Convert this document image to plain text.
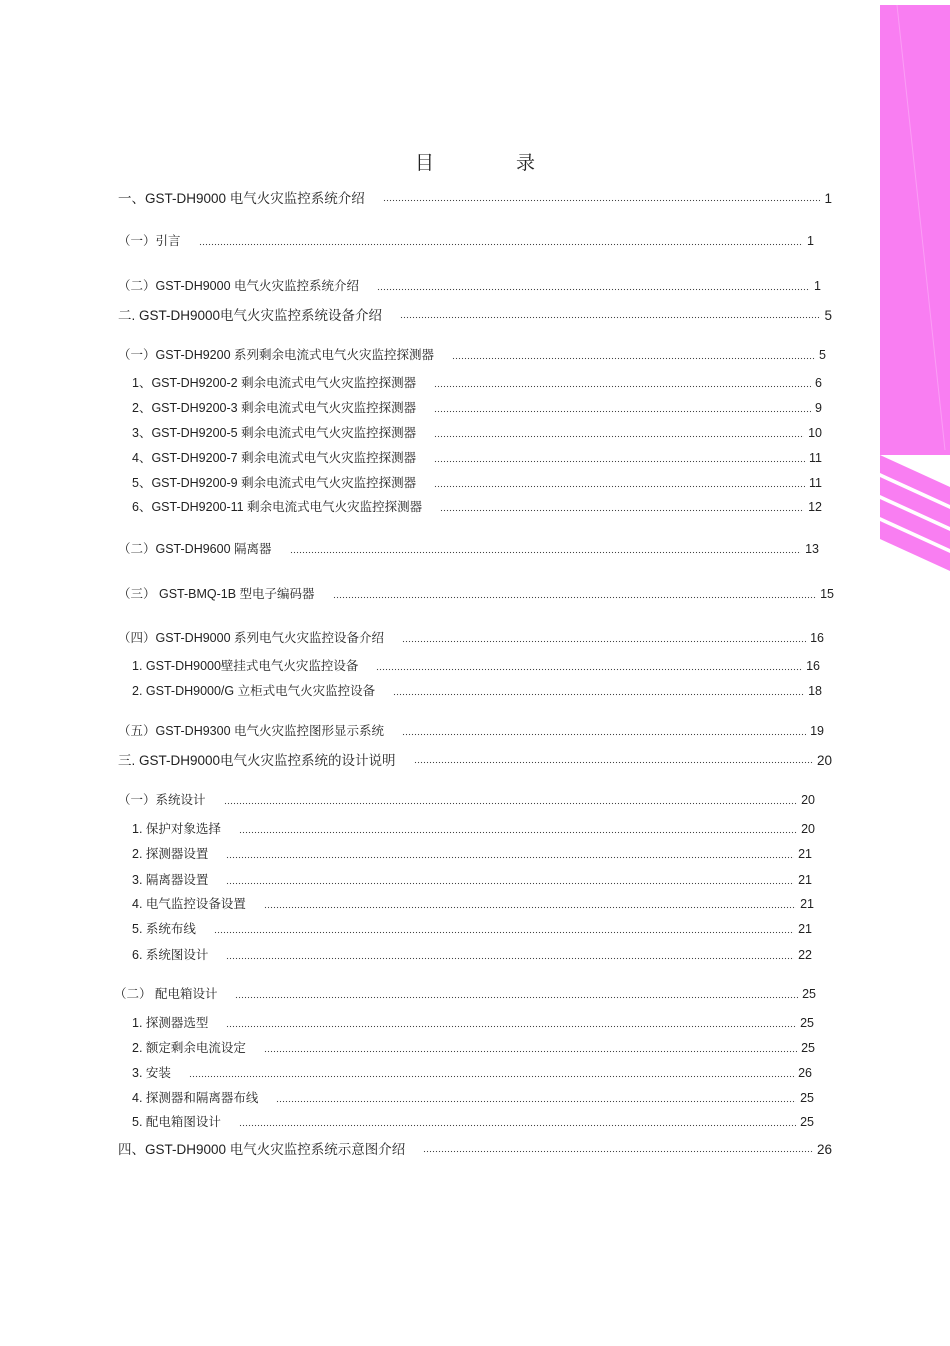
目 录
一、GST-DH9000 电气火灾监控系统介绍	1
（一）引言	1
（二）GST-DH9000 电气火灾监控系统介绍	1
二. GST-DH9000电气火灾监控系统设备介绍	5
（一）GST-DH9200 系列剩余电流式电气火灾监控探测器	5
1、GST-DH9200-2 剩余电流式电气火灾监控探测器	6
2、GST-DH9200-3 剩余电流式电气火灾监控探测器	9
3、GST-DH9200-5 剩余电流式电气火灾监控探测器	10
4、GST-DH9200-7 剩余电流式电气火灾监控探测器	11
5、GST-DH9200-9 剩余电流式电气火灾监控探测器	11
6、GST-DH9200-11 剩余电流式电气火灾监控探测器	12
（二）GST-DH9600 隔离器	13
（三） GST-BMQ-1B 型电子编码器	15
（四）GST-DH9000 系列电气火灾监控设备介绍	16
1. GST-DH9000壁挂式电气火灾监控设备	16
2. GST-DH9000/G 立柜式电气火灾监控设备	18
（五）GST-DH9300 电气火灾监控图形显示系统	19
三. GST-DH9000电气火灾监控系统的设计说明	20
（一）系统设计	20
1. 保护对象选择	20
2. 探测器设置	21
3. 隔离器设置	21
4. 电气监控设备设置	21
5. 系统布线	21
6. 系统图设计	22
（二） 配电箱设计	25
1. 探测器选型	25
2. 额定剩余电流设定	25
3. 安装	26
4. 探测器和隔离器布线	25
5. 配电箱图设计	25
四、GST-DH9000 电气火灾监控系统示意图介绍	26
